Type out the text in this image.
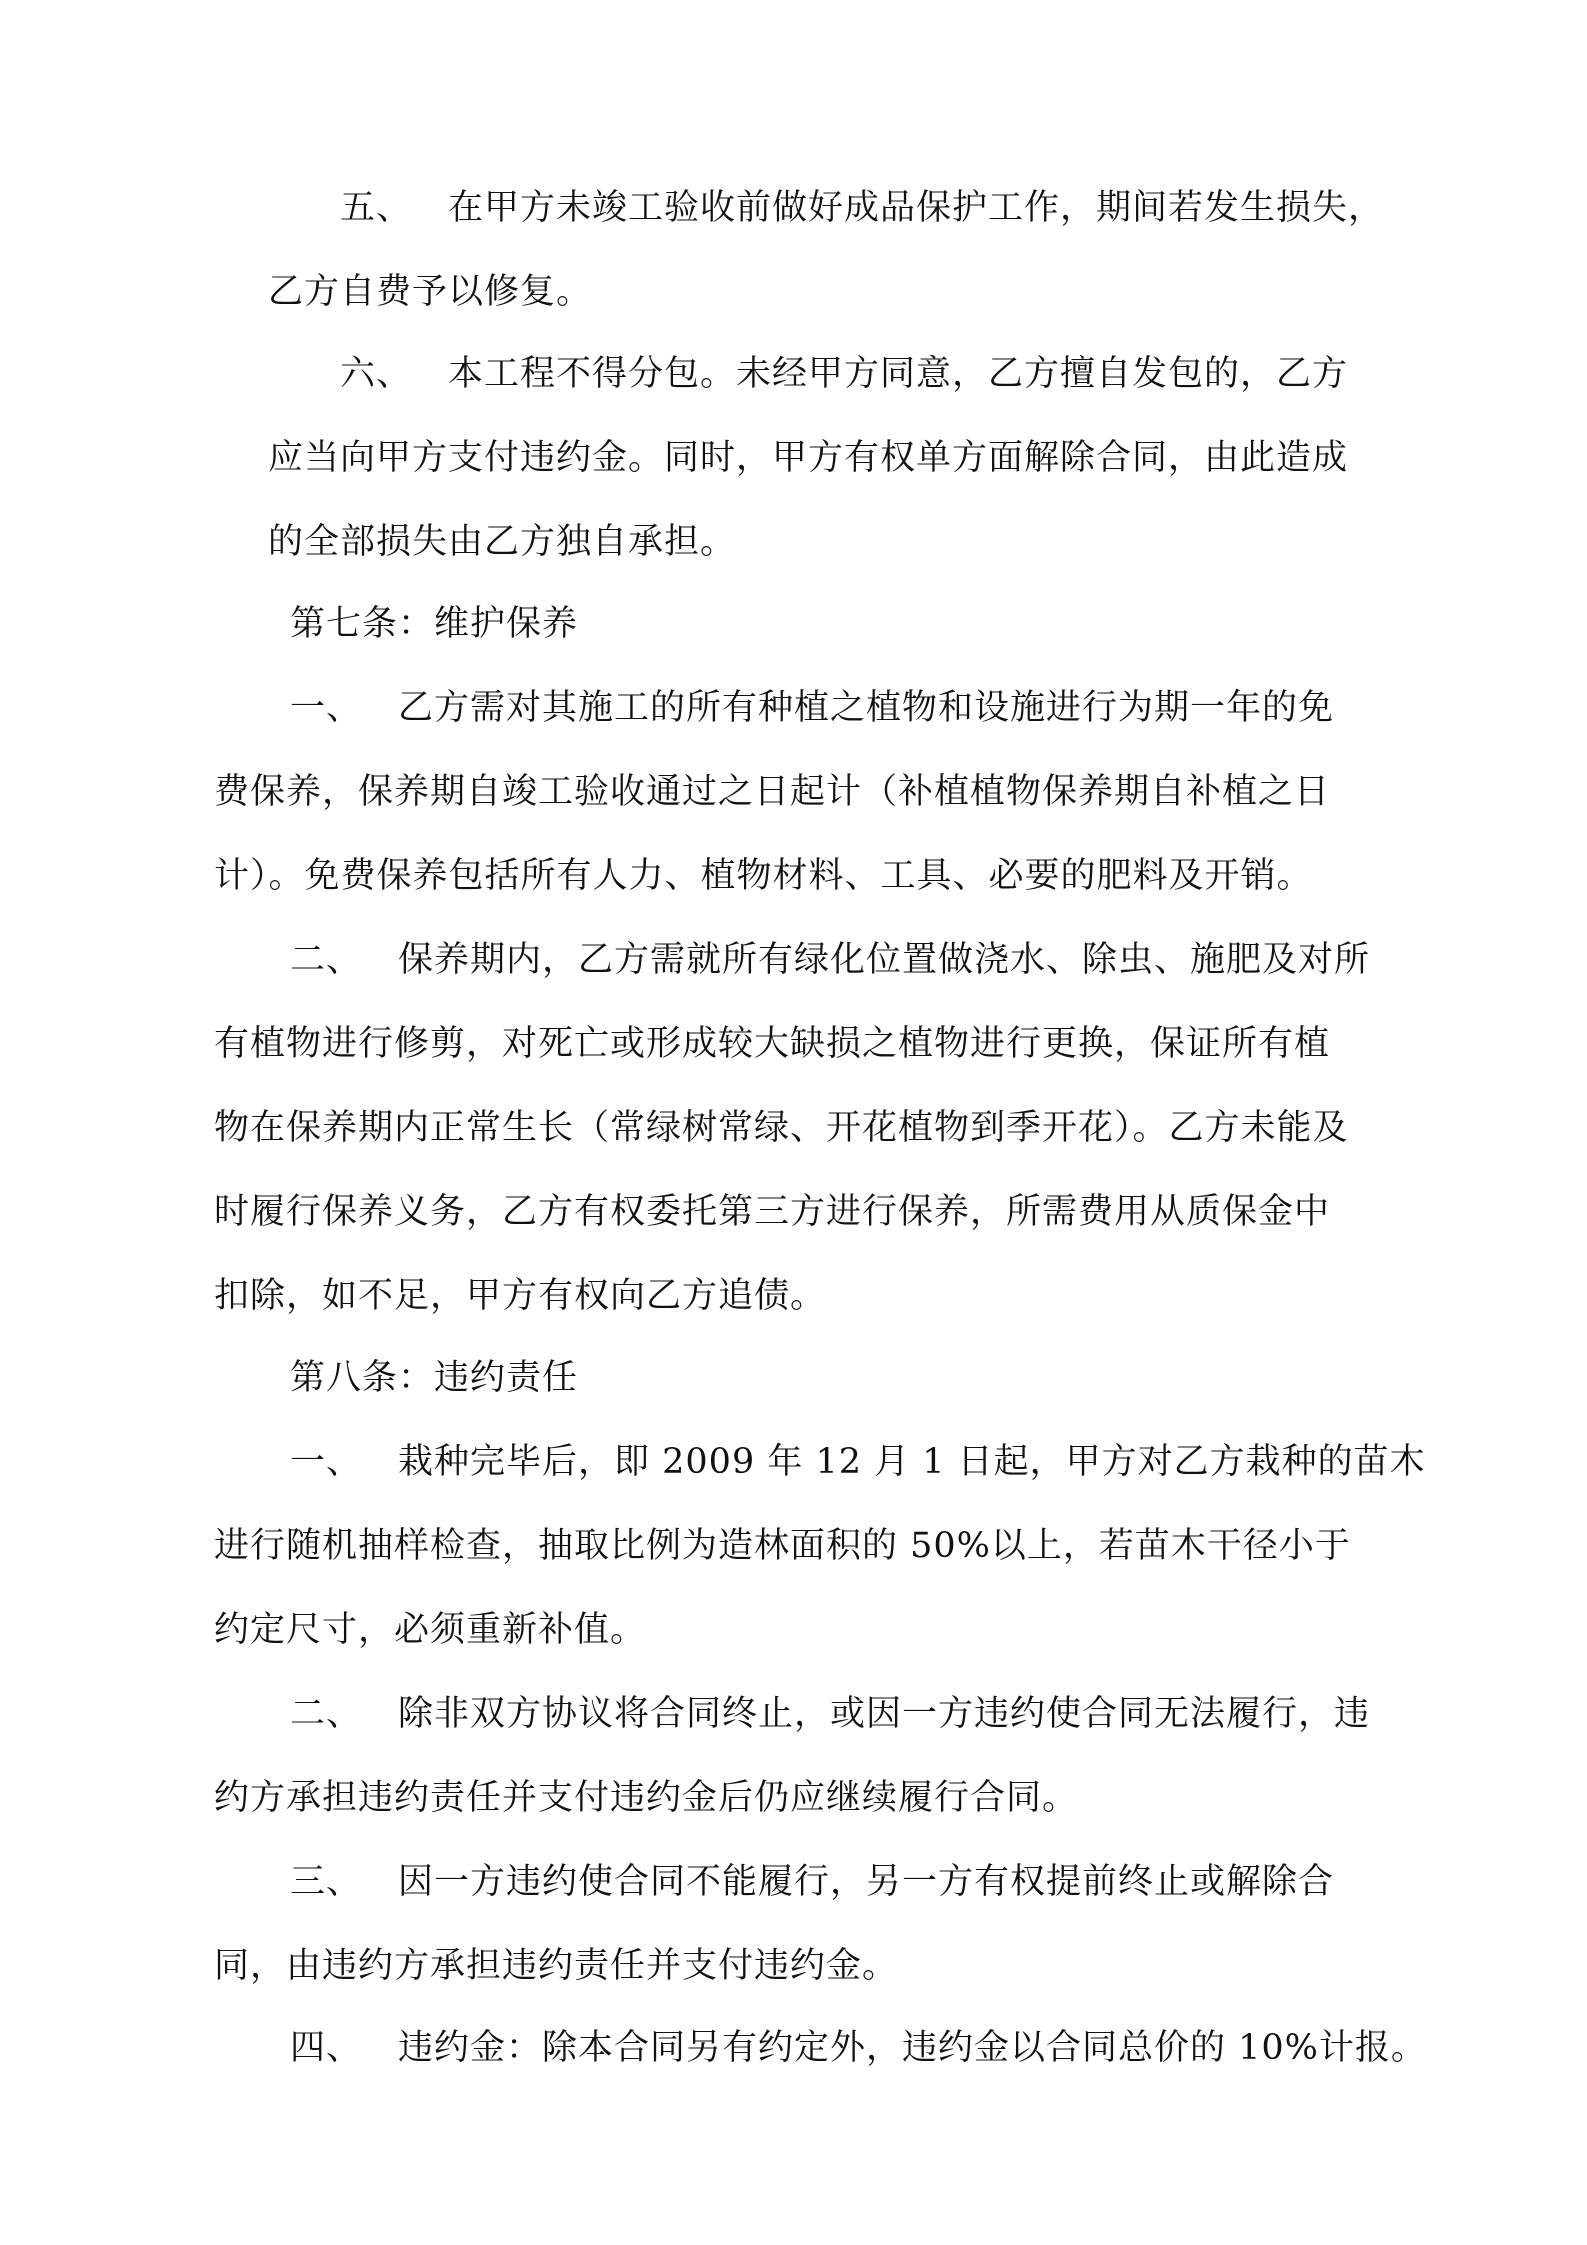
五、 在甲方未竣工验收前做好成品保护工作，期间若发生损失，
乙方自费予以修复。
六、 本工程不得分包。未经甲方同意，乙方擅自发包的，乙方
应当向甲方支付违约金。同时，甲方有权单方面解除合同，由此造成
的全部损失由乙方独自承担。
第七条：维护保养
一、 乙方需对其施工的所有种植之植物和设施进行为期一年的免
费保养，保养期自竣工验收通过之日起计（补植植物保养期自补植之日
计）。免费保养包括所有人力、植物材料、工具、必要的肥料及开销。
二、 保养期内，乙方需就所有绿化位置做浇水、除虫、施肥及对所
有植物进行修剪，对死亡或形成较大缺损之植物进行更换，保证所有植
物在保养期内正常生长（常绿树常绿、开花植物到季开花）。乙方未能及
时履行保养义务，乙方有权委托第三方进行保养，所需费用从质保金中
扣除，如不足，甲方有权向乙方追债。
第八条：违约责任
一、 栽种完毕后，即 2009 年 12 月 1 日起，甲方对乙方栽种的苗木
进行随机抽样检查，抽取比例为造林面积的 50%以上，若苗木干径小于
约定尺寸，必须重新补值。
二、 除非双方协议将合同终止，或因一方违约使合同无法履行，违
约方承担违约责任并支付违约金后仍应继续履行合同。
三、 因一方违约使合同不能履行，另一方有权提前终止或解除合
同，由违约方承担违约责任并支付违约金。
四、 违约金：除本合同另有约定外，违约金以合同总价的 10%计报。
